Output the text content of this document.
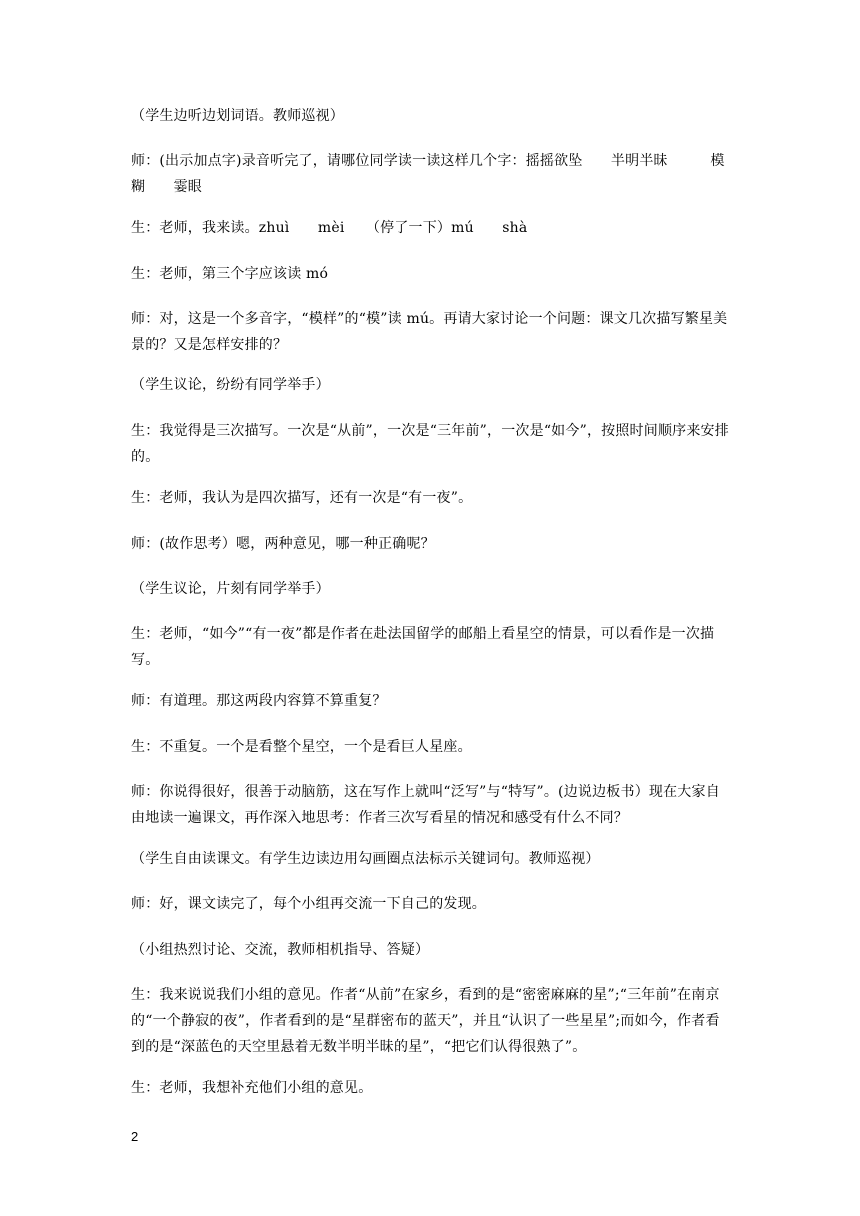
（学生边听边划词语。教师巡视）

师：(出示加点字)录音听完了，请哪位同学读一读这样几个字：摇摇欲坠　　半明半昧　　　模糊　　霎眼

生：老师，我来读。zhuì　　mèi　　（停了一下）mú　　shà

生：老师，第三个字应该读 mó

师：对，这是一个多音字，“模样”的“模”读 mú。再请大家讨论一个问题：课文几次描写繁星美景的？又是怎样安排的？

（学生议论，纷纷有同学举手）

生：我觉得是三次描写。一次是“从前”，一次是“三年前”，一次是“如今”，按照时间顺序来安排的。

生：老师，我认为是四次描写，还有一次是“有一夜”。

师：(故作思考）嗯，两种意见，哪一种正确呢？

（学生议论，片刻有同学举手）

生：老师，“如今”“有一夜”都是作者在赴法国留学的邮船上看星空的情景，可以看作是一次描写。

师：有道理。那这两段内容算不算重复？

生：不重复。一个是看整个星空，一个是看巨人星座。

师：你说得很好，很善于动脑筋，这在写作上就叫“泛写”与“特写”。(边说边板书）现在大家自由地读一遍课文，再作深入地思考：作者三次写看星的情况和感受有什么不同？

（学生自由读课文。有学生边读边用勾画圈点法标示关键词句。教师巡视）

师：好，课文读完了，每个小组再交流一下自己的发现。

（小组热烈讨论、交流，教师相机指导、答疑）

生：我来说说我们小组的意见。作者“从前”在家乡，看到的是“密密麻麻的星”;“三年前”在南京的“一个静寂的夜”，作者看到的是“星群密布的蓝天”，并且“认识了一些星星”;而如今，作者看到的是“深蓝色的天空里悬着无数半明半昧的星”，“把它们认得很熟了”。

生：老师，我想补充他们小组的意见。

2
